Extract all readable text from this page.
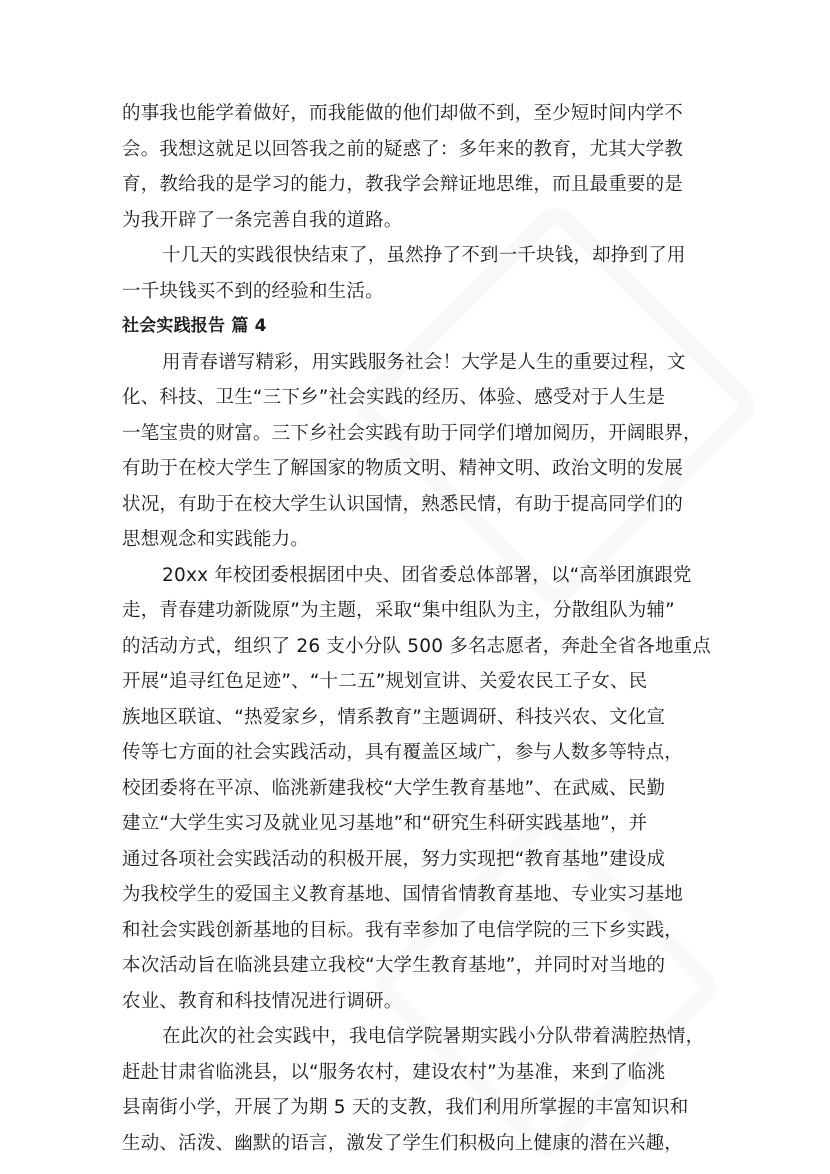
的事我也能学着做好，而我能做的他们却做不到，至少短时间内学不
会。我想这就足以回答我之前的疑惑了：多年来的教育，尤其大学教
育，教给我的是学习的能力，教我学会辩证地思维，而且最重要的是
为我开辟了一条完善自我的道路。
十几天的实践很快结束了，虽然挣了不到一千块钱，却挣到了用
一千块钱买不到的经验和生活。
社会实践报告 篇 4
用青春谱写精彩，用实践服务社会！大学是人生的重要过程，文
化、科技、卫生“三下乡”社会实践的经历、体验、感受对于人生是
一笔宝贵的财富。三下乡社会实践有助于同学们增加阅历，开阔眼界，
有助于在校大学生了解国家的物质文明、精神文明、政治文明的发展
状况，有助于在校大学生认识国情，熟悉民情，有助于提高同学们的
思想观念和实践能力。
20xx 年校团委根据团中央、团省委总体部署，以“高举团旗跟党
走，青春建功新陇原”为主题，采取“集中组队为主，分散组队为辅”
的活动方式，组织了 26 支小分队 500 多名志愿者，奔赴全省各地重点
开展“追寻红色足迹”、“十二五”规划宣讲、关爱农民工子女、民
族地区联谊、“热爱家乡，情系教育”主题调研、科技兴农、文化宣
传等七方面的社会实践活动，具有覆盖区域广，参与人数多等特点，
校团委将在平凉、临洮新建我校“大学生教育基地”、在武威、民勤
建立“大学生实习及就业见习基地”和“研究生科研实践基地”，并
通过各项社会实践活动的积极开展，努力实现把“教育基地”建设成
为我校学生的爱国主义教育基地、国情省情教育基地、专业实习基地
和社会实践创新基地的目标。我有幸参加了电信学院的三下乡实践，
本次活动旨在临洮县建立我校“大学生教育基地”，并同时对当地的
农业、教育和科技情况进行调研。
在此次的社会实践中，我电信学院暑期实践小分队带着满腔热情，
赶赴甘肃省临洮县，以“服务农村，建设农村”为基准，来到了临洮
县南街小学，开展了为期 5 天的支教，我们利用所掌握的丰富知识和
生动、活泼、幽默的语言，激发了学生们积极向上健康的潜在兴趣，
